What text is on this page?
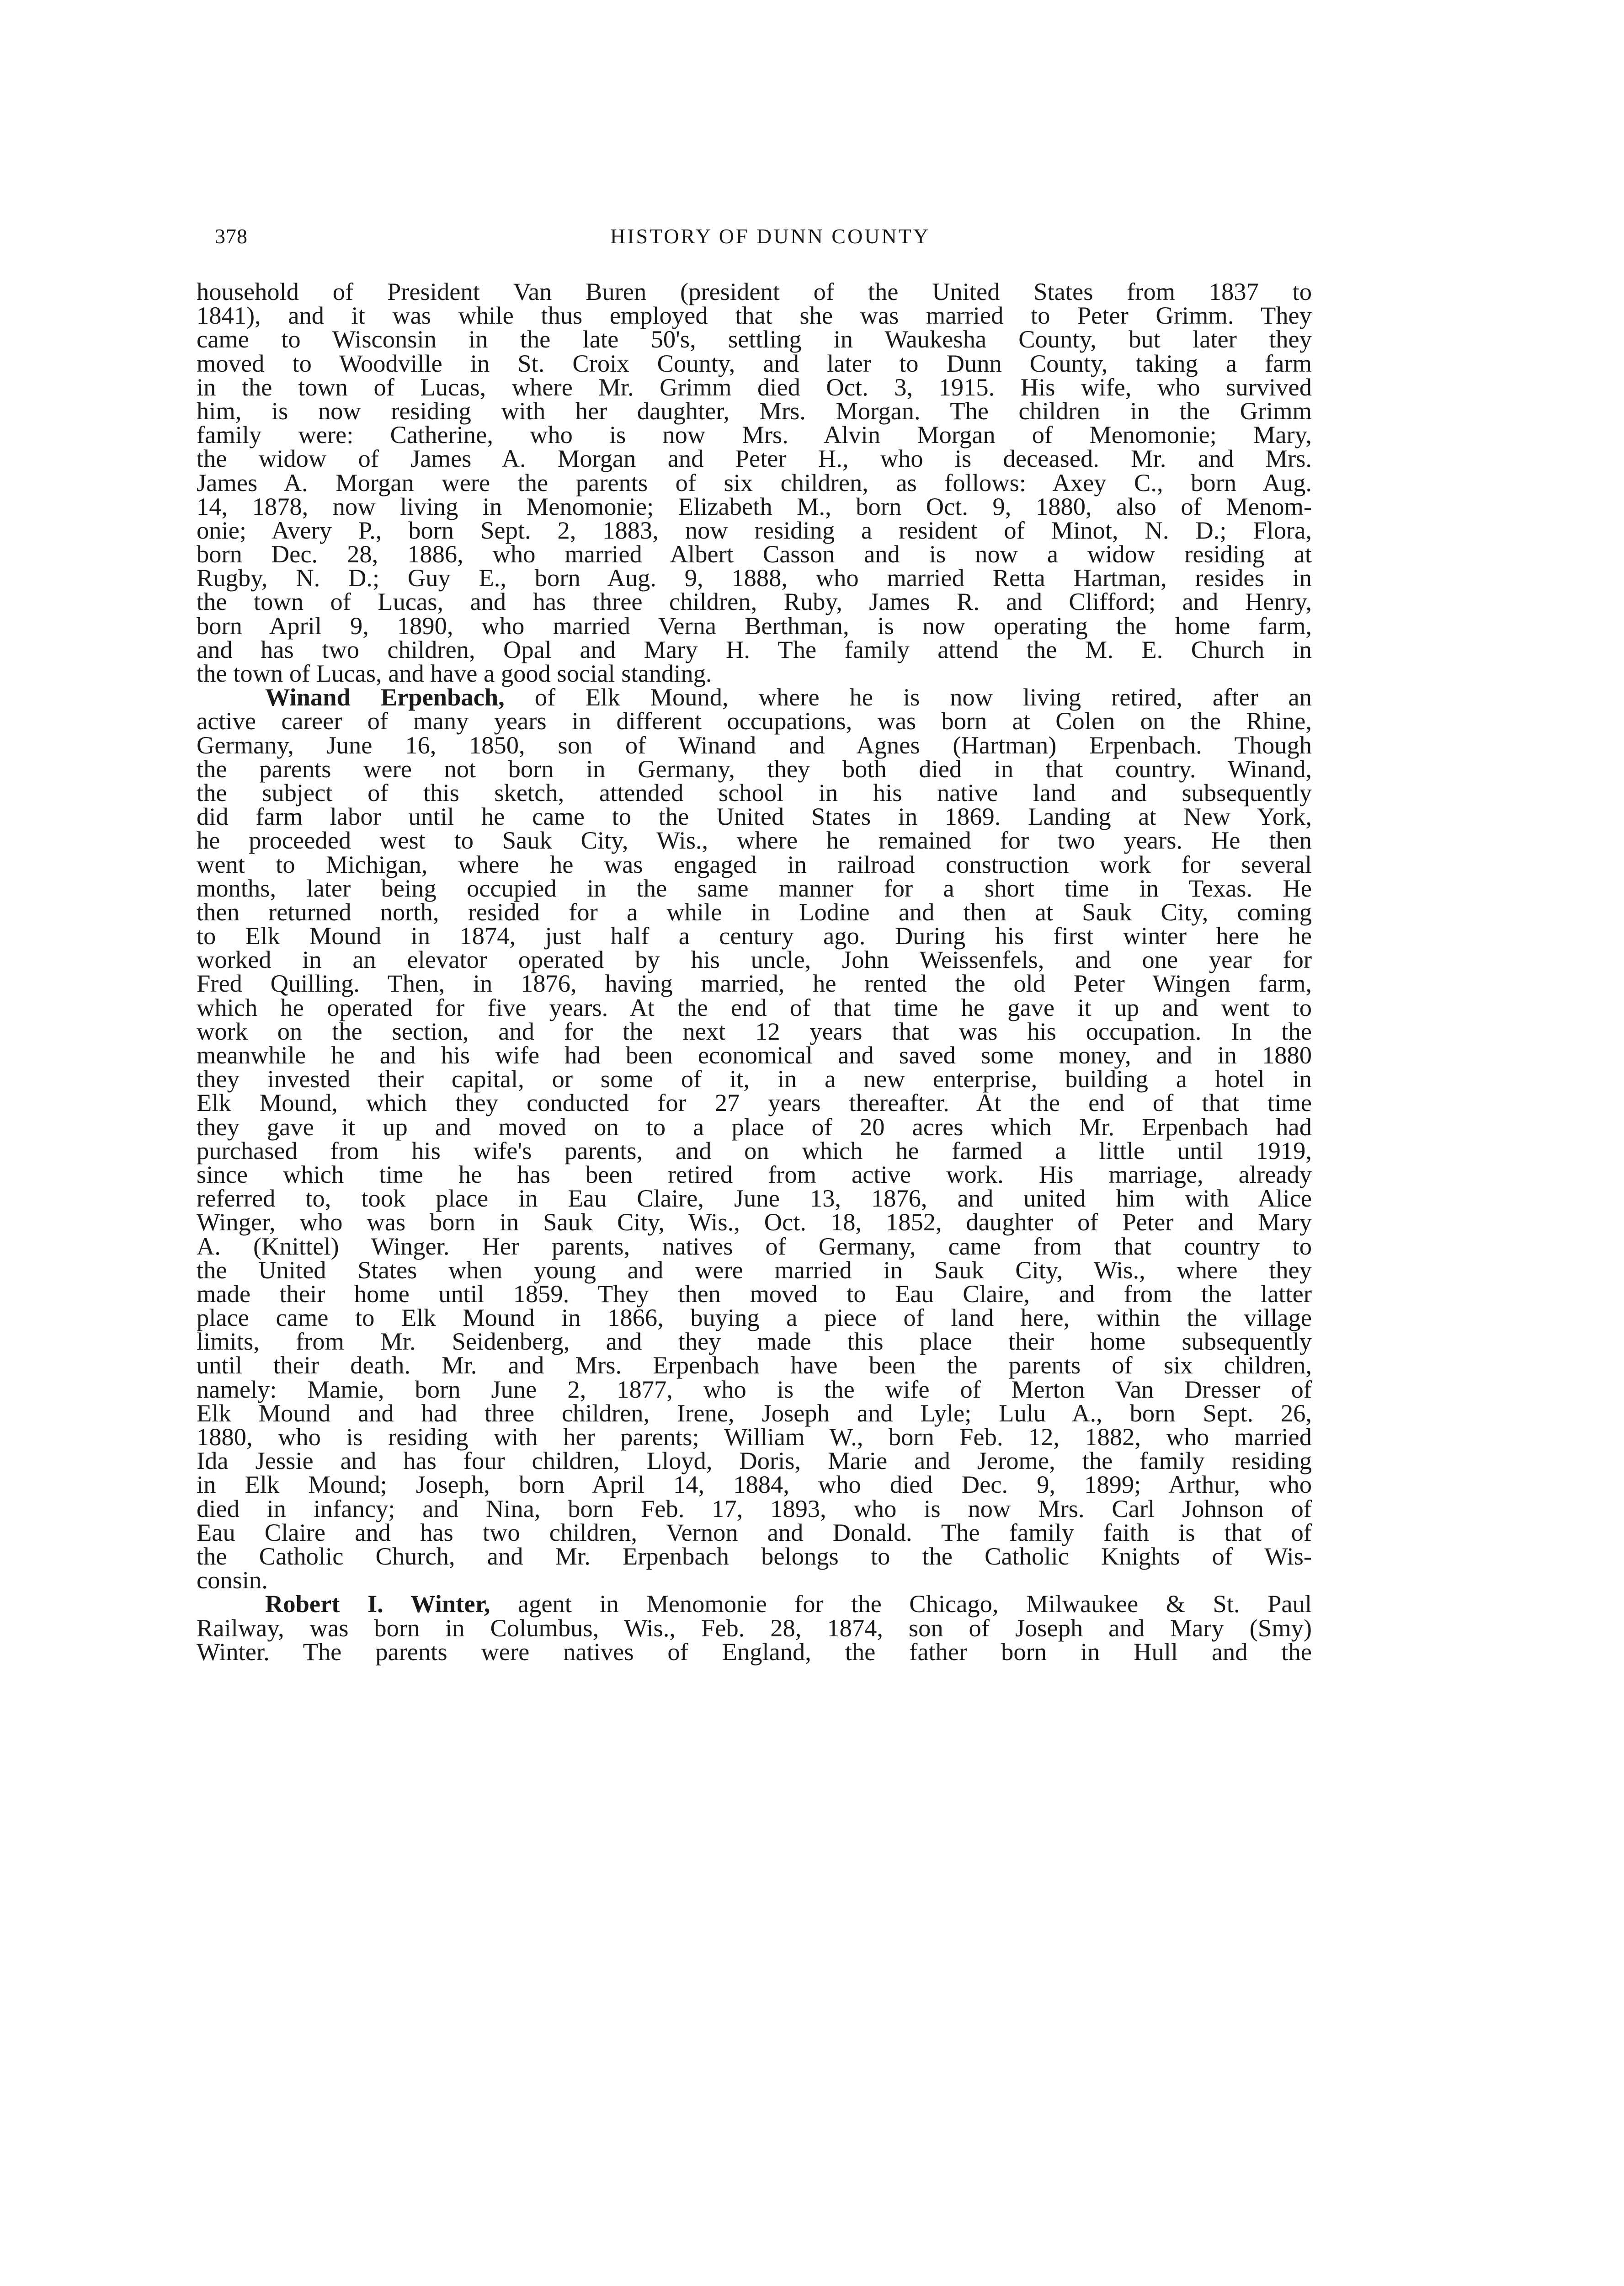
378	HISTORY OF DUNN COUNTY
household of President Van Buren (president of the United States from 1837 to
1841), and it was while thus employed that she was married to Peter Grimm. They
came to Wisconsin in the late 50's, settling in Waukesha County, but later they
moved to Woodville in St. Croix County, and later to Dunn County, taking a farm
in the town of Lucas, where Mr. Grimm died Oct. 3, 1915. His wife, who survived
him, is now residing with her daughter, Mrs. Morgan. The children in the Grimm
family were: Catherine, who is now Mrs. Alvin Morgan of Menomonie; Mary,
the widow of James A. Morgan and Peter H., who is deceased. Mr. and Mrs.
James A. Morgan were the parents of six children, as follows: Axey C., born Aug.
14, 1878, now living in Menomonie; Elizabeth M., born Oct. 9, 1880, also of Menom-
onie; Avery P., born Sept. 2, 1883, now residing a resident of Minot, N. D.; Flora,
born Dec. 28, 1886, who married Albert Casson and is now a widow residing at
Rugby, N. D.; Guy E., born Aug. 9, 1888, who married Retta Hartman, resides in
the town of Lucas, and has three children, Ruby, James R. and Clifford; and Henry,
born April 9, 1890, who married Verna Berthman, is now operating the home farm,
and has two children, Opal and Mary H. The family attend the M. E. Church in
the town of Lucas, and have a good social standing.
Winand Erpenbach, of Elk Mound, where he is now living retired, after an
active career of many years in different occupations, was born at Colen on the Rhine,
Germany, June 16, 1850, son of Winand and Agnes (Hartman) Erpenbach. Though
the parents were not born in Germany, they both died in that country. Winand,
the subject of this sketch, attended school in his native land and subsequently
did farm labor until he came to the United States in 1869. Landing at New York,
he proceeded west to Sauk City, Wis., where he remained for two years. He then
went to Michigan, where he was engaged in railroad construction work for several
months, later being occupied in the same manner for a short time in Texas. He
then returned north, resided for a while in Lodine and then at Sauk City, coming
to Elk Mound in 1874, just half a century ago. During his first winter here he
worked in an elevator operated by his uncle, John Weissenfels, and one year for
Fred Quilling. Then, in 1876, having married, he rented the old Peter Wingen farm,
which he operated for five years. At the end of that time he gave it up and went to
work on the section, and for the next 12 years that was his occupation. In the
meanwhile he and his wife had been economical and saved some money, and in 1880
they invested their capital, or some of it, in a new enterprise, building a hotel in
Elk Mound, which they conducted for 27 years thereafter. At the end of that time
they gave it up and moved on to a place of 20 acres which Mr. Erpenbach had
purchased from his wife's parents, and on which he farmed a little until 1919,
since which time he has been retired from active work. His marriage, already
referred to, took place in Eau Claire, June 13, 1876, and united him with Alice
Winger, who was born in Sauk City, Wis., Oct. 18, 1852, daughter of Peter and Mary
A. (Knittel) Winger. Her parents, natives of Germany, came from that country to
the United States when young and were married in Sauk City, Wis., where they
made their home until 1859. They then moved to Eau Claire, and from the latter
place came to Elk Mound in 1866, buying a piece of land here, within the village
limits, from Mr. Seidenberg, and they made this place their home subsequently
until their death. Mr. and Mrs. Erpenbach have been the parents of six children,
namely: Mamie, born June 2, 1877, who is the wife of Merton Van Dresser of
Elk Mound and had three children, Irene, Joseph and Lyle; Lulu A., born Sept. 26,
1880, who is residing with her parents; William W., born Feb. 12, 1882, who married
Ida Jessie and has four children, Lloyd, Doris, Marie and Jerome, the family residing
in Elk Mound; Joseph, born April 14, 1884, who died Dec. 9, 1899; Arthur, who
died in infancy; and Nina, born Feb. 17, 1893, who is now Mrs. Carl Johnson of
Eau Claire and has two children, Vernon and Donald. The family faith is that of
the Catholic Church, and Mr. Erpenbach belongs to the Catholic Knights of Wis-
consin.
Robert I. Winter, agent in Menomonie for the Chicago, Milwaukee & St. Paul
Railway, was born in Columbus, Wis., Feb. 28, 1874, son of Joseph and Mary (Smy)
Winter. The parents were natives of England, the father born in Hull and the
